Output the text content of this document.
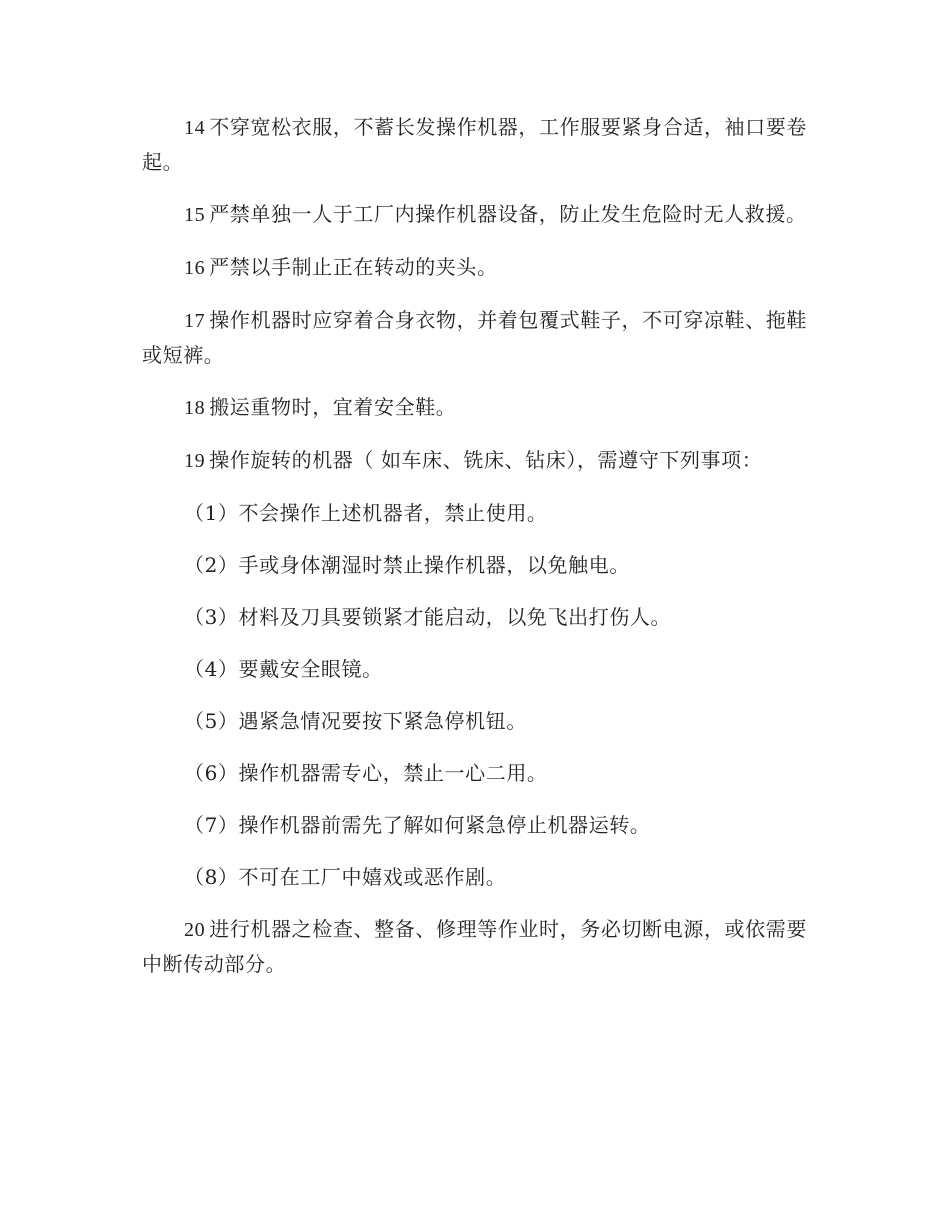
14 不穿宽松衣服，不蓄长发操作机器，工作服要紧身合适，袖口要卷起。

15 严禁单独一人于工厂内操作机器设备，防止发生危险时无人救援。

16 严禁以手制止正在转动的夹头。

17 操作机器时应穿着合身衣物，并着包覆式鞋子，不可穿凉鞋、拖鞋或短裤。

18 搬运重物时，宜着安全鞋。

19 操作旋转的机器（ 如车床、铣床、钻床），需遵守下列事项：

（1）不会操作上述机器者，禁止使用。

（2）手或身体潮湿时禁止操作机器，以免触电。

（3）材料及刀具要锁紧才能启动，以免飞出打伤人。

（4）要戴安全眼镜。

（5）遇紧急情况要按下紧急停机钮。

（6）操作机器需专心，禁止一心二用。

（7）操作机器前需先了解如何紧急停止机器运转。

（8）不可在工厂中嬉戏或恶作剧。

20 进行机器之检查、整备、修理等作业时，务必切断电源，或依需要中断传动部分。
